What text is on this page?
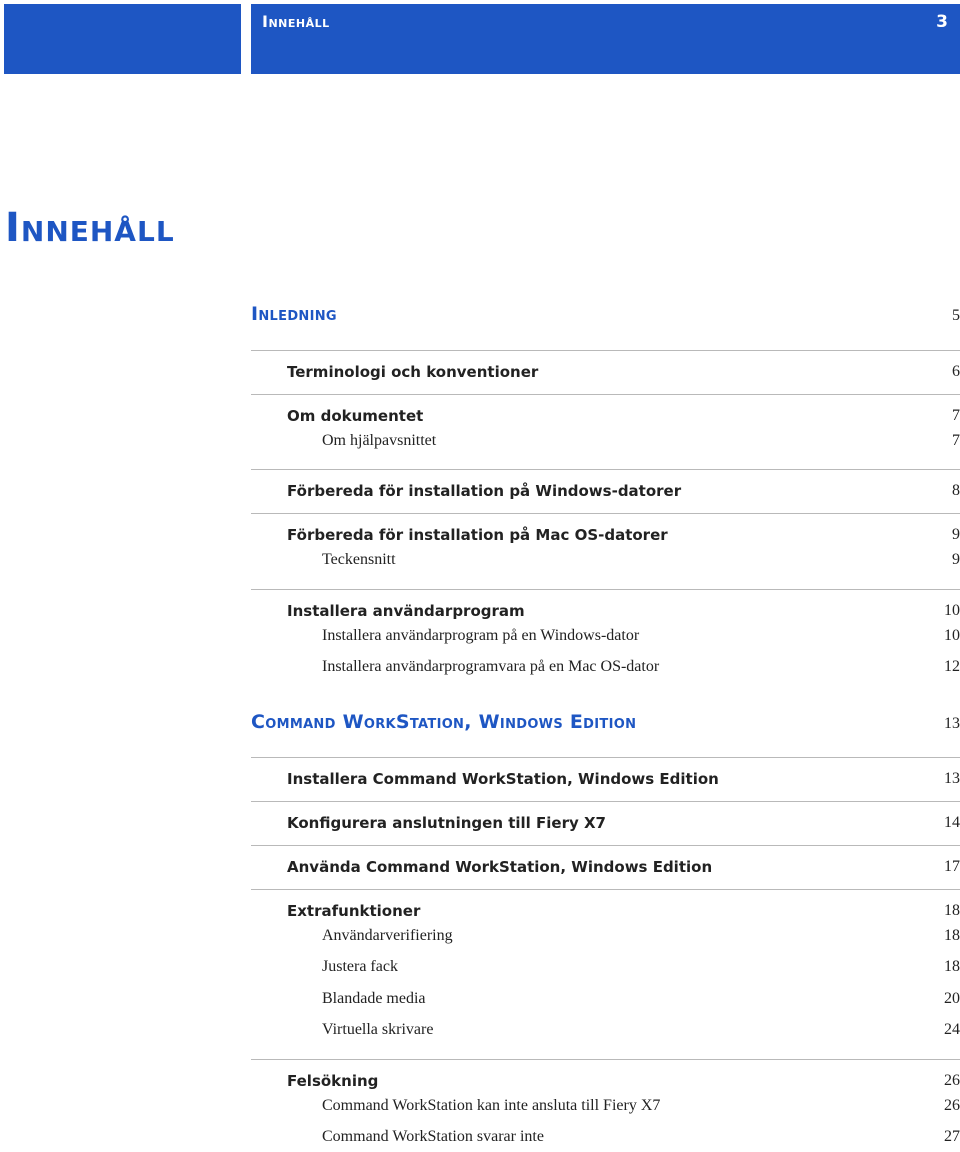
Innehåll	3
Innehåll
Inledning	5
Terminologi och konventioner	6
Om dokumentet	7
Om hjälpavsnittet	7
Förbereda för installation på Windows-datorer	8
Förbereda för installation på Mac OS-datorer	9
Teckensnitt	9
Installera användarprogram	10
Installera användarprogram på en Windows-dator	10
Installera användarprogramvara på en Mac OS-dator	12
Command WorkStation, Windows Edition	13
Installera Command WorkStation, Windows Edition	13
Konfigurera anslutningen till Fiery X7	14
Använda Command WorkStation, Windows Edition	17
Extrafunktioner	18
Användarverifiering	18
Justera fack	18
Blandade media	20
Virtuella skrivare	24
Felsökning	26
Command WorkStation kan inte ansluta till Fiery X7	26
Command WorkStation svarar inte	27
